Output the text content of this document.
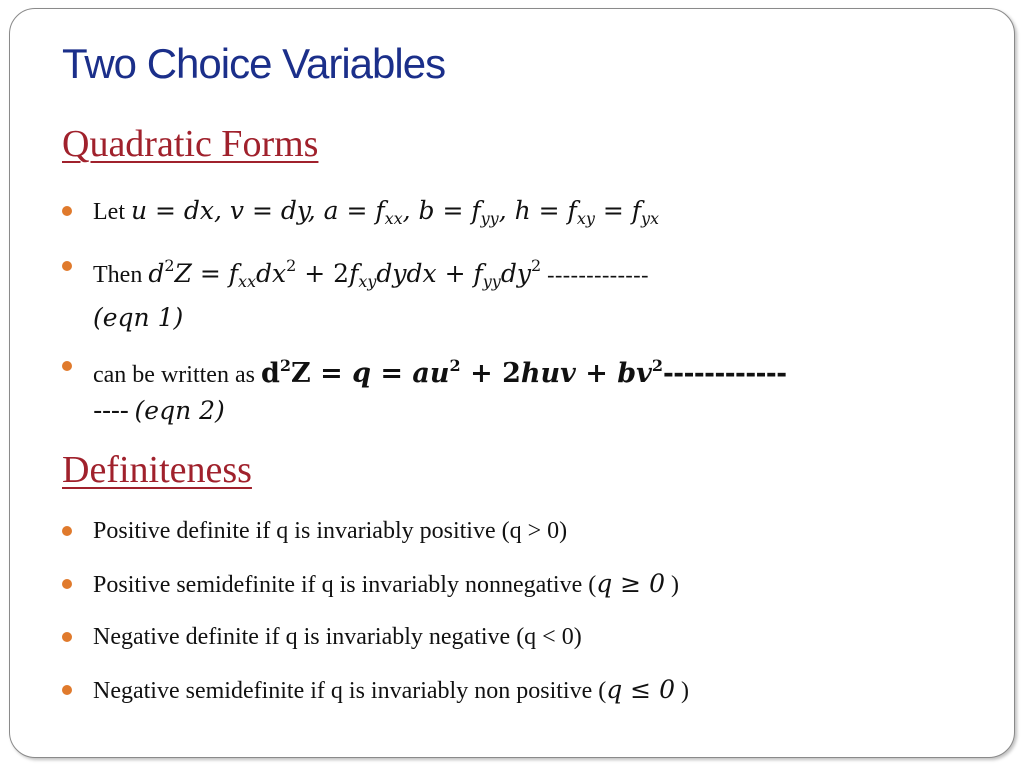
Two Choice Variables
Quadratic Forms
Let u = dx, v = dy, $a = f_{xx}$, $b = f_{yy}$, $h = f_{xy} = f_{yx}$
Then $d^2Z = f_{xx}dx^2$ + $2f_{xy}dydx + f_{yy}dy^2$ -------------
(eqn 1)
can be written as $d^2Z = q = au^2 + 2huv + bv^2------------$
---- (eqn 2)
Definiteness
Positive definite if q is invariably positive (q > 0)
Positive semidefinite if q is invariably nonnegative (q ≥ 0 )
Negative definite if q is invariably negative (q < 0)
Negative semidefinite if q is invariably non positive (q ≤ 0 )
